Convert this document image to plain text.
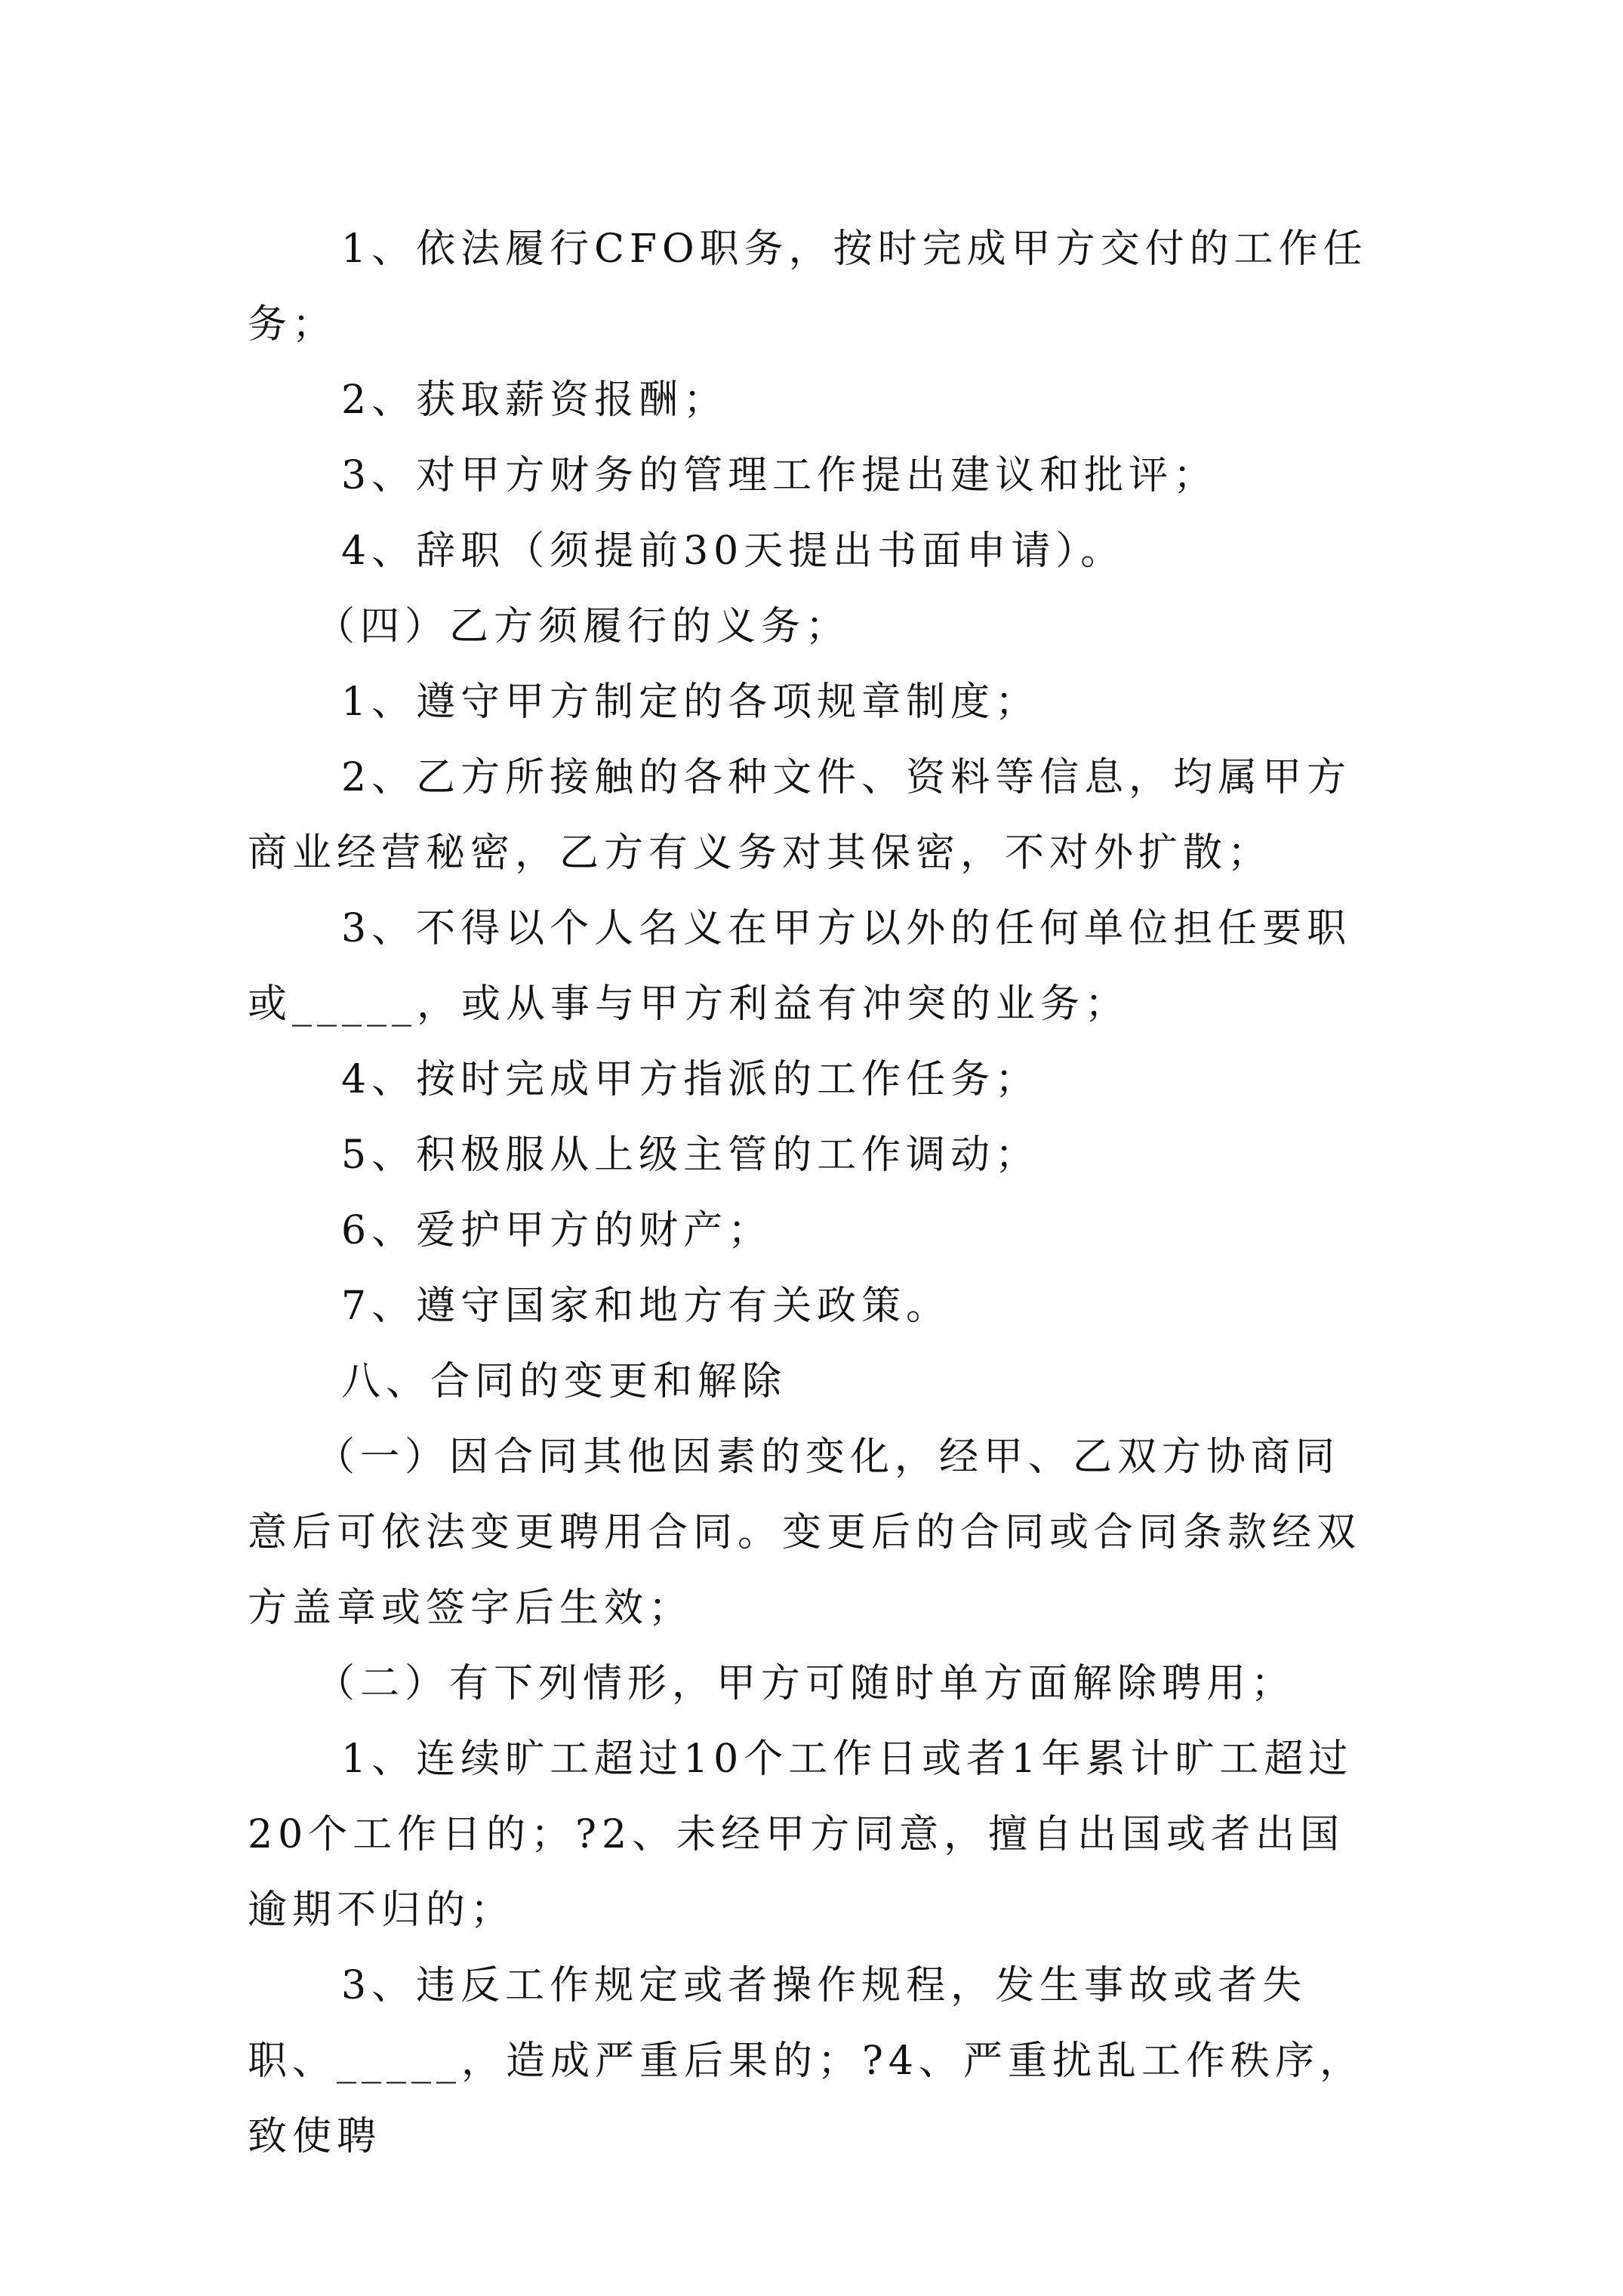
1、依法履行CFO职务，按时完成甲方交付的工作任务；

2、获取薪资报酬；

3、对甲方财务的管理工作提出建议和批评；

4、辞职（须提前30天提出书面申请）。

（四）乙方须履行的义务；

1、遵守甲方制定的各项规章制度；

2、乙方所接触的各种文件、资料等信息，均属甲方商业经营秘密，乙方有义务对其保密，不对外扩散；

3、不得以个人名义在甲方以外的任何单位担任要职或_____，或从事与甲方利益有冲突的业务；

4、按时完成甲方指派的工作任务；

5、积极服从上级主管的工作调动；

6、爱护甲方的财产；

7、遵守国家和地方有关政策。

八、合同的变更和解除

（一）因合同其他因素的变化，经甲、乙双方协商同意后可依法变更聘用合同。变更后的合同或合同条款经双方盖章或签字后生效；

（二）有下列情形，甲方可随时单方面解除聘用；

1、连续旷工超过10个工作日或者1年累计旷工超过20个工作日的；?2、未经甲方同意，擅自出国或者出国逾期不归的；

3、违反工作规定或者操作规程，发生事故或者失职、_____，造成严重后果的；?4、严重扰乱工作秩序，致使聘
